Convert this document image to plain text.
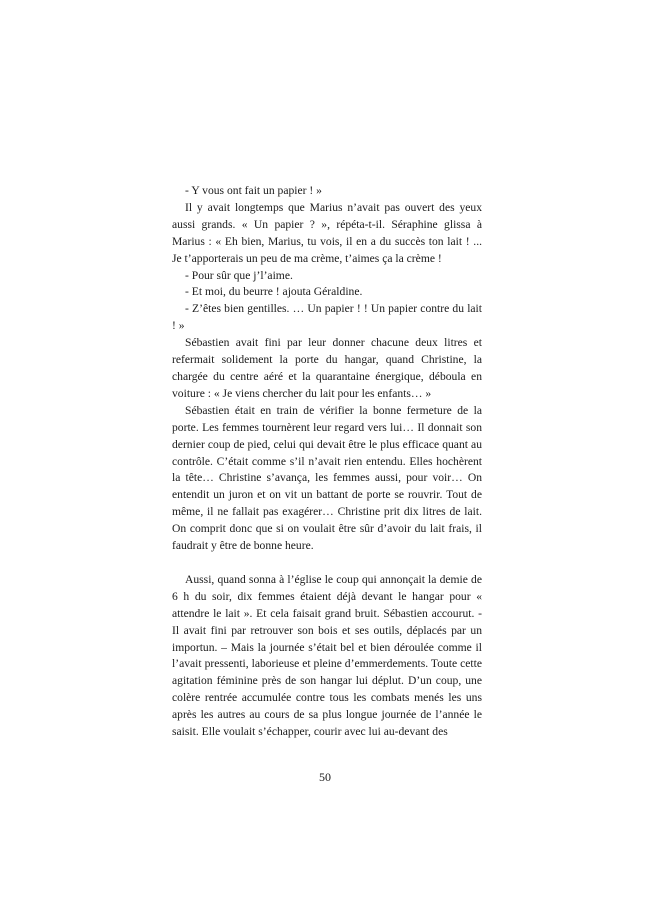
- Y vous ont fait un papier ! »

Il y avait longtemps que Marius n’avait pas ouvert des yeux aussi grands. « Un papier ? », répéta-t-il. Séraphine glissa à Marius : « Eh bien, Marius, tu vois, il en a du succès ton lait ! ... Je t’apporterais un peu de ma crème, t’aimes ça la crème !

- Pour sûr que j’l’aime.

- Et moi, du beurre ! ajouta Géraldine.

- Z’êtes bien gentilles. … Un papier ! ! Un papier contre du lait ! »

Sébastien avait fini par leur donner chacune deux litres et refermait solidement la porte du hangar, quand Christine, la chargée du centre aéré et la quarantaine énergique, déboula en voiture : « Je viens chercher du lait pour les enfants… »

Sébastien était en train de vérifier la bonne fermeture de la porte. Les femmes tournèrent leur regard vers lui… Il donnait son dernier coup de pied, celui qui devait être le plus efficace quant au contrôle. C’était comme s’il n’avait rien entendu. Elles hochèrent la tête… Christine s’avança, les femmes aussi, pour voir… On entendit un juron et on vit un battant de porte se rouvrir. Tout de même, il ne fallait pas exagérer… Christine prit dix litres de lait. On comprit donc que si on voulait être sûr d’avoir du lait frais, il faudrait y être de bonne heure.

Aussi, quand sonna à l’église le coup qui annonçait la demie de 6 h du soir, dix femmes étaient déjà devant le hangar pour « attendre le lait ». Et cela faisait grand bruit. Sébastien accourut. - Il avait fini par retrouver son bois et ses outils, déplacés par un importun. – Mais la journée s’était bel et bien déroulée comme il l’avait pressenti, laborieuse et pleine d’emmerdements. Toute cette agitation féminine près de son hangar lui déplut. D’un coup, une colère rentrée accumulée contre tous les combats menés les uns après les autres au cours de sa plus longue journée de l’année le saisit. Elle voulait s’échapper, courir avec lui au-devant des

50
